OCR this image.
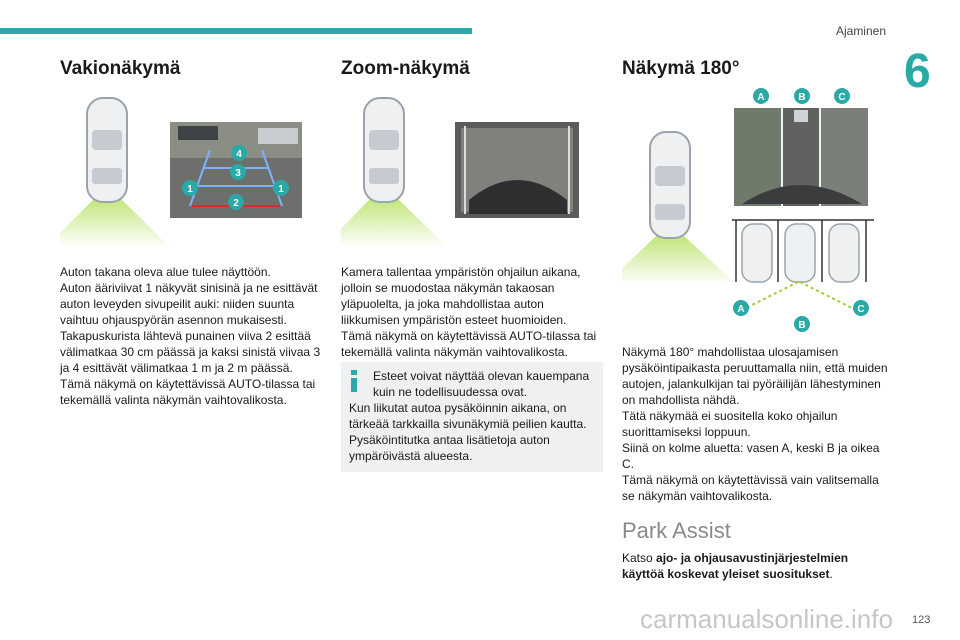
Ajaminen
6
Vakionäkymä
4
3
1	1
2

Auton takana oleva alue tulee näyttöön.

Auton ääriviivat 1 näkyvät sinisinä ja ne esittävät auton leveyden sivupeilit auki: niiden suunta vaihtuu ohjauspyörän asennon mukaisesti.

Takapuskurista lähtevä punainen viiva 2 esittää välimatkaa 30 cm päässä ja kaksi sinistä viivaa 3 ja 4 esittävät välimatkaa 1 m ja 2 m päässä.

Tämä näkymä on käytettävissä AUTO-tilassa tai tekemällä valinta näkymän vaihtovalikosta.

Zoom-näkymä

Kamera tallentaa ympäristön ohjailun aikana, jolloin se muodostaa näkymän takaosan yläpuolelta, ja joka mahdollistaa auton liikkumisen ympäristön esteet huomioiden.

Tämä näkymä on käytettävissä AUTO-tilassa tai tekemällä valinta näkymän vaihtovalikosta.

Esteet voivat näyttää olevan kauempana kuin ne todellisuudessa ovat.

Kun liikutat autoa pysäköinnin aikana, on tärkeää tarkkailla sivunäkymiä peilien kautta.

Pysäköintitutka antaa lisätietoja auton ympäröivästä alueesta.

Näkymä 180°
A	B	C
A
B
C

Näkymä 180° mahdollistaa ulosajamisen pysäköintipaikasta peruuttamalla niin, että muiden autojen, jalankulkijan tai pyöräilijän lähestyminen on mahdollista nähdä.

Tätä näkymää ei suositella koko ohjailun suorittamiseksi loppuun.

Siinä on kolme aluetta: vasen A, keski B ja oikea C.

Tämä näkymä on käytettävissä vain valitsemalla se näkymän vaihtovalikosta.

Park Assist
Katso ajo- ja ohjausavustinjärjestelmien käyttöä koskevat yleiset suositukset.
carmanualsonline.info 123
